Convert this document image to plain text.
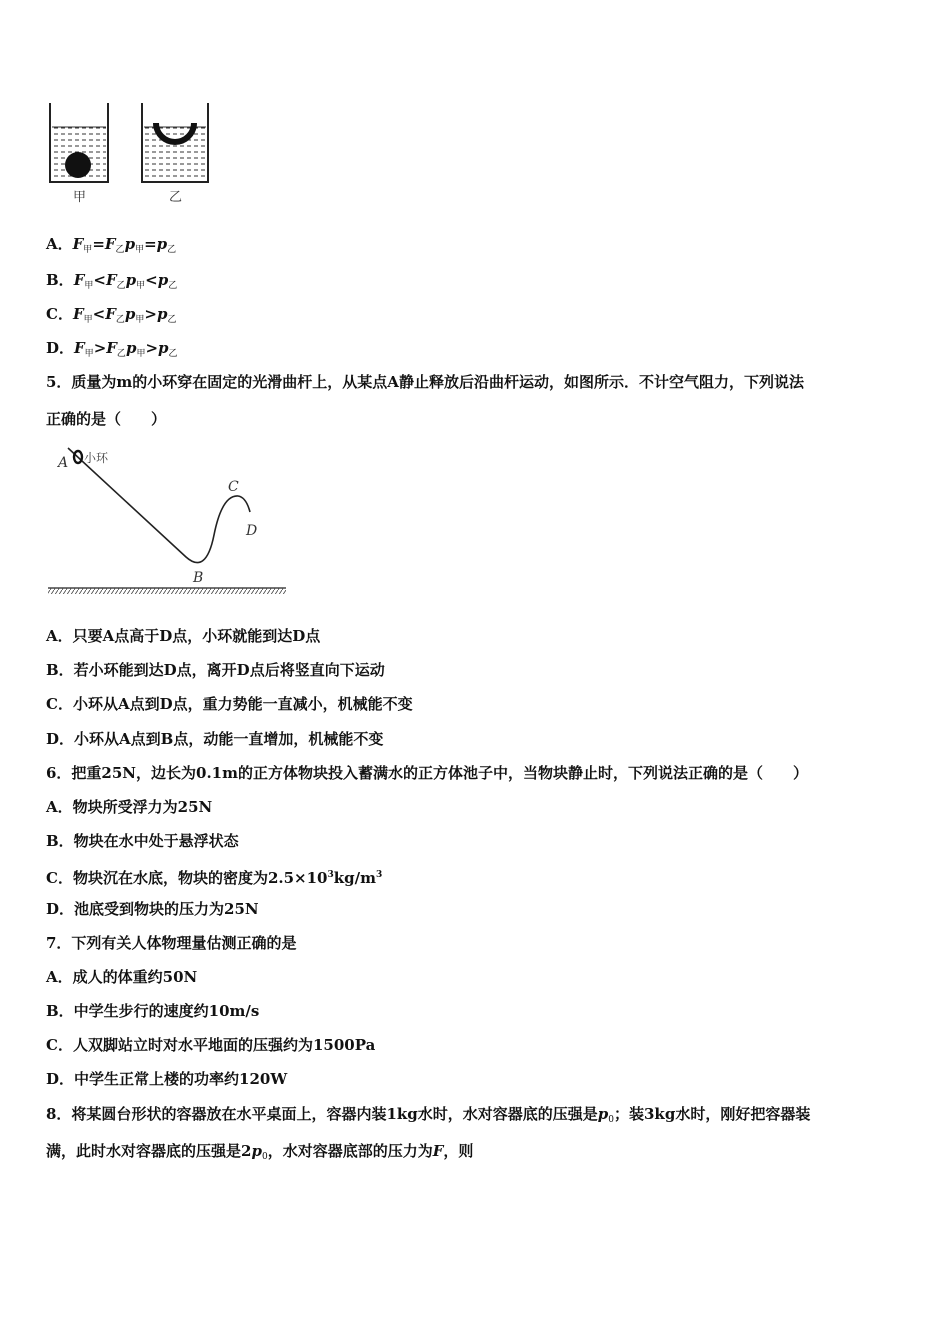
甲	乙
A．$F_甲=F_乙p_甲=p_乙$
B．$F_甲<F_乙p_甲<p_乙$
C．$F_甲<F_乙p_甲>p_乙$
D．$F_甲>F_乙p_甲>p_乙$
5．质量为m的小环穿在固定的光滑曲杆上，从某点A静止释放后沿曲杆运动，如图所示．不计空气阻力，下列说法
正确的是（　　）
A 小环
B
C
D
A．只要A点高于D点，小环就能到达D点
B．若小环能到达D点，离开D点后将竖直向下运动
C．小环从A点到D点，重力势能一直减小，机械能不变
D．小环从A点到B点，动能一直增加，机械能不变
6．把重25N，边长为0.1m的正方体物块投入蓄满水的正方体池子中，当物块静止时，下列说法正确的是（　　）
A．物块所受浮力为25N
B．物块在水中处于悬浮状态
C．物块沉在水底，物块的密度为$2.5\times 10^3kg/m^3$
D．池底受到物块的压力为25N
7．下列有关人体物理量估测正确的是
A．成人的体重约50N
B．中学生步行的速度约10m/s
C．人双脚站立时对水平地面的压强约为1500Pa
D．中学生正常上楼的功率约120W
8．将某圆台形状的容器放在水平桌面上，容器内装1kg水时，水对容器底的压强是$p_0$；装3kg水时，刚好把容器装
满，此时水对容器底的压强是$2p_0$，水对容器底部的压力为F，则
